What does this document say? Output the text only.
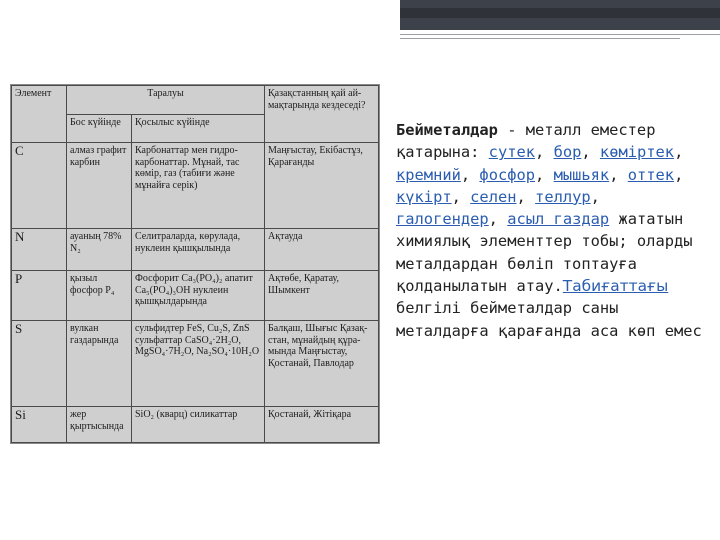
Элемент	Таралуы		Қазақстанның қай ай- мақтарында кездеседі?
	Бос күйінде	Қосылыс күйінде	
C	алмаз графит карбин	Карбонаттар мен гидро- карбонаттар. Мұнай, тас көмір, газ (табиғи және мұнайға серік)	Маңғыстау, Екібастұз, Қарағанды
N	ауаның 78% N₂	Селитраларда, көрулада, нуклеин қышқылында	Ақтауда
P	қызыл фосфор P₄	Фосфорит Ca₃(PO₄)₂ апатит Ca₅(PO₄)₃OH нуклеин қышқылдарында	Ақтөбе, Қаратау, Шымкент
S	вулкан газдарында	сульфидтер FeS, Cu₂S, ZnS сульфаттар CaSO₄·2H₂O, MgSO₄·7H₂O, Na₂SO₄·10H₂O	Балқаш, Шығыс Қазақ- стан, мұнайдың құра- мында Маңғыстау, Қостанай, Павлодар
Si	жер қыртысында	SiO₂ (кварц) силикаттар	Қостанай, Жітіқара
Бейметалдар - металл еместер қатарына: сутек, бор, көміртек, кремний, фосфор, мышьяк, оттек, күкірт, селен, теллур, галогендер, асыл газдар жататын химиялық элементтер тобы; оларды металдардан бөліп топтауға қолданылатын атау.Табиғаттағы белгілі бейметалдар саны металдарға қарағанда аса көп емес
